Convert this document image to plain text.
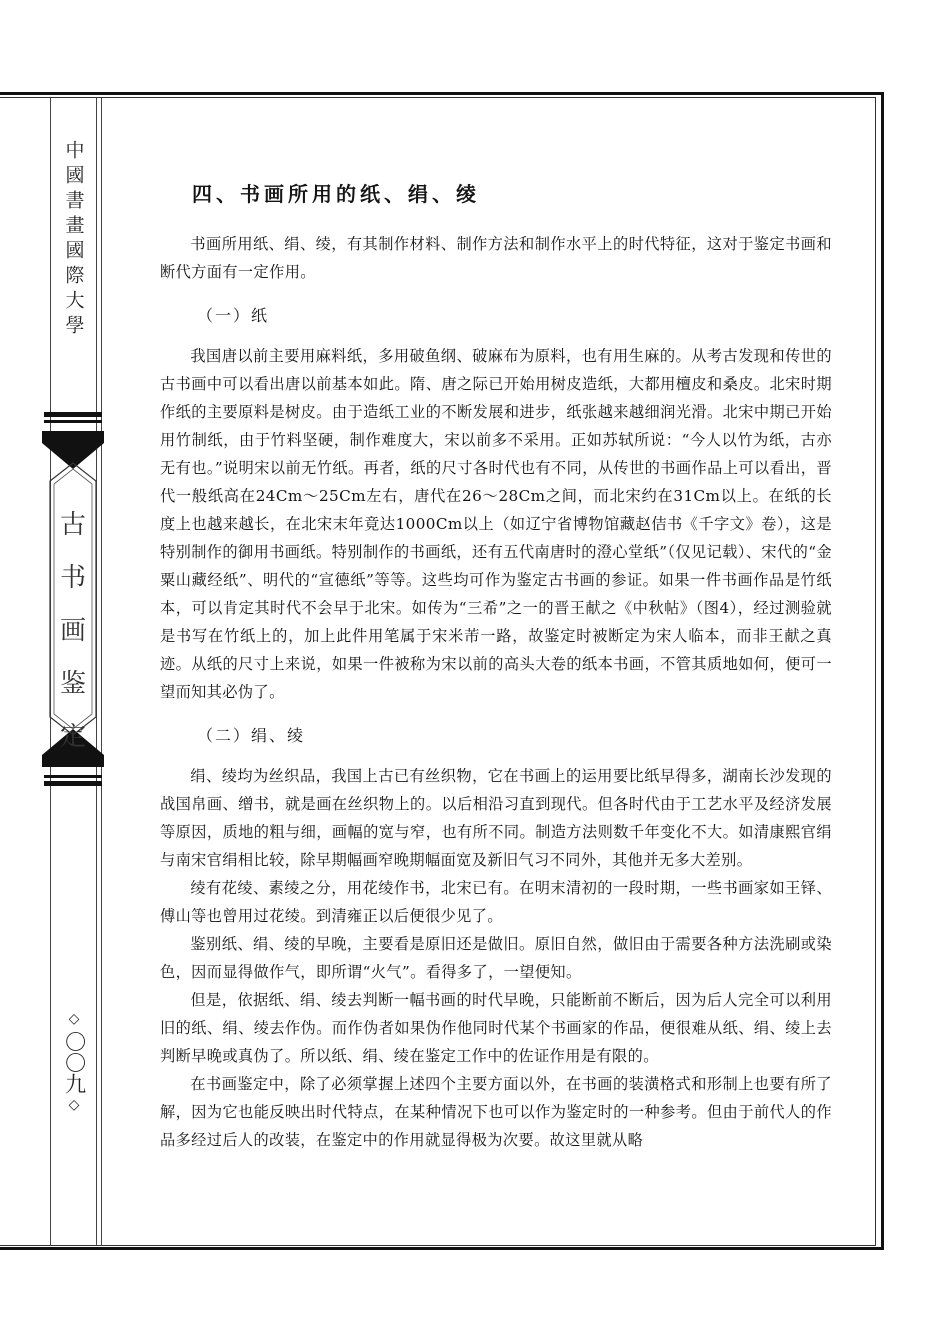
中國書畫國際大學
古
书
画
鉴
定
◇
〇〇九
◇
四、书画所用的纸、绢、绫

书画所用纸、绢、绫，有其制作材料、制作方法和制作水平上的时代特征，这对于鉴定书画和断代方面有一定作用。

（一）纸

我国唐以前主要用麻料纸，多用破鱼纲、破麻布为原料，也有用生麻的。从考古发现和传世的古书画中可以看出唐以前基本如此。隋、唐之际已开始用树皮造纸，大都用檀皮和桑皮。北宋时期作纸的主要原料是树皮。由于造纸工业的不断发展和进步，纸张越来越细润光滑。北宋中期已开始用竹制纸，由于竹料坚硬，制作难度大，宋以前多不采用。正如苏轼所说：“今人以竹为纸，古亦无有也。”说明宋以前无竹纸。再者，纸的尺寸各时代也有不同，从传世的书画作品上可以看出，晋代一般纸高在24Cm～25Cm左右，唐代在26～28Cm之间，而北宋约在31Cm以上。在纸的长度上也越来越长，在北宋末年竟达1000Cm以上（如辽宁省博物馆藏赵佶书《千字文》卷），这是特别制作的御用书画纸。特别制作的书画纸，还有五代南唐时的澄心堂纸”（仅见记载）、宋代的“金粟山藏经纸”、明代的“宣德纸”等等。这些均可作为鉴定古书画的参证。如果一件书画作品是竹纸本，可以肯定其时代不会早于北宋。如传为“三希”之一的晋王献之《中秋帖》（图4），经过测验就是书写在竹纸上的，加上此件用笔属于宋米芾一路，故鉴定时被断定为宋人临本，而非王献之真迹。从纸的尺寸上来说，如果一件被称为宋以前的高头大卷的纸本书画，不管其质地如何，便可一望而知其必伪了。

（二）绢、绫

绢、绫均为丝织品，我国上古已有丝织物，它在书画上的运用要比纸早得多，湖南长沙发现的战国帛画、缯书，就是画在丝织物上的。以后相沿习直到现代。但各时代由于工艺水平及经济发展等原因，质地的粗与细，画幅的宽与窄，也有所不同。制造方法则数千年变化不大。如清康熙官绢与南宋官绢相比较，除早期幅画窄晚期幅面宽及新旧气习不同外，其他并无多大差别。

绫有花绫、素绫之分，用花绫作书，北宋已有。在明末清初的一段时期，一些书画家如王铎、傅山等也曾用过花绫。到清雍正以后便很少见了。

鉴别纸、绢、绫的早晚，主要看是原旧还是做旧。原旧自然，做旧由于需要各种方法洗刷或染色，因而显得做作气，即所谓“火气”。看得多了，一望便知。

但是，依据纸、绢、绫去判断一幅书画的时代早晚，只能断前不断后，因为后人完全可以利用旧的纸、绢、绫去作伪。而作伪者如果伪作他同时代某个书画家的作品，便很难从纸、绢、绫上去判断早晚或真伪了。所以纸、绢、绫在鉴定工作中的佐证作用是有限的。

在书画鉴定中，除了必须掌握上述四个主要方面以外，在书画的装潢格式和形制上也要有所了解，因为它也能反映出时代特点，在某种情况下也可以作为鉴定时的一种参考。但由于前代人的作品多经过后人的改装，在鉴定中的作用就显得极为次要。故这里就从略
